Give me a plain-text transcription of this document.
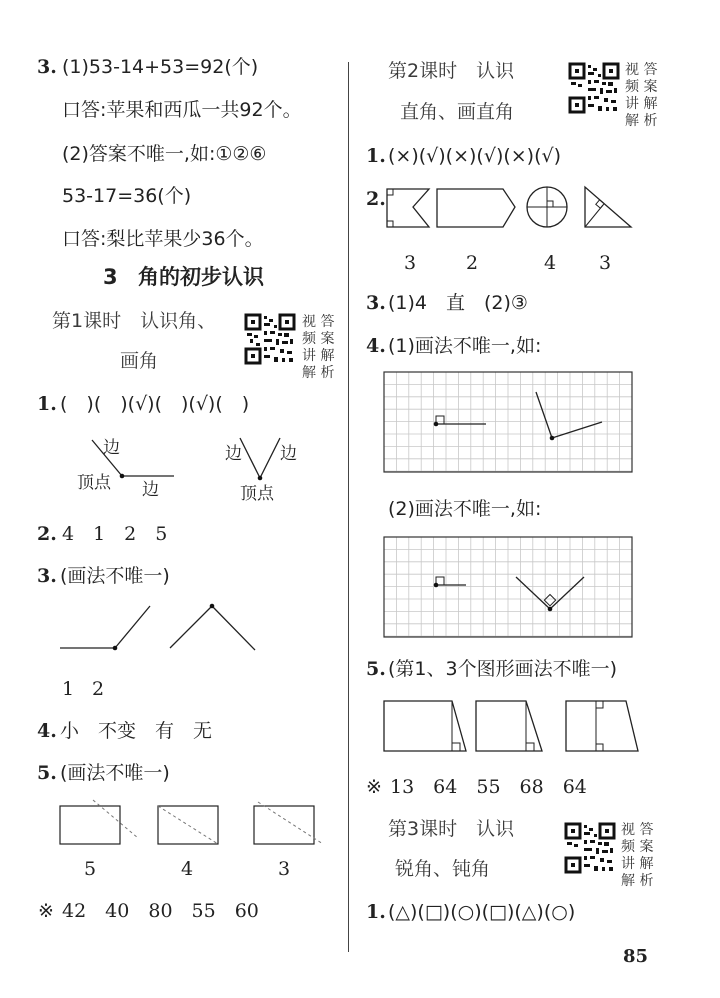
3. (1)53-14+53=92(个)
口答:苹果和西瓜一共92个。
(2)答案不唯一,如:①②⑥
53-17=36(个)
口答:梨比苹果少36个。
3 角的初步认识
第1课时　认识角、
画角
视 答
频 案
讲 解
解 析
1. (　)(　)(√)(　)(√)(　)
边
顶点 边
边 边
顶点
2. 4　1　2　5
3. (画法不唯一)
1 2
4. 小　不变　有　无
5. (画法不唯一)
5	4	3
※ 42　40　80　55　60
第2课时　认识
直角、画直角
视 答
频 案
讲 解
解 析
1. (×)(√)(×)(√)(×)(√)
2.
3	2	4 3
3. (1)4　直　(2)③
4. (1)画法不唯一,如:
(2)画法不唯一,如:
5. (第1、3个图形画法不唯一)
※ 13　64　55　68　64
第3课时　认识
锐角、钝角
视 答
频 案
讲 解
解 析
1. (△)(□)(○)(□)(△)(○)
85
